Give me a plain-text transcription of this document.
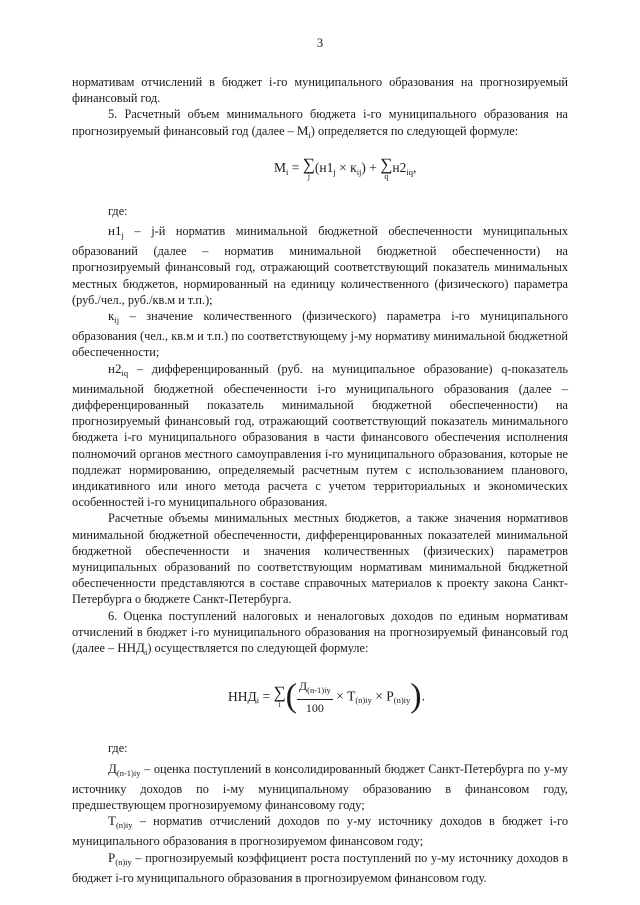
3

нормативам отчислений в бюджет i-го муниципального образования на прогнозируемый финансовый год.

5. Расчетный объем минимального бюджета i-го муниципального образования на прогнозируемый финансовый год (далее – $M_i$) определяется по следующей формуле:

$M_i$ = ∑
j
$(н1_j \times к_{ij})$ + ∑
q
$н2_{iq}$,

где:

$н1_j - j-й$ норматив минимальной бюджетной обеспеченности муниципальных образований (далее – норматив минимальной бюджетной обеспеченности) на прогнозируемый финансовый год, отражающий соответствующий показатель минимальных местных бюджетов, нормированный на единицу количественного (физического) параметра (руб./чел., руб./кв.м и т.п.);

$к_{ij}$ – значение количественного (физического) параметра i-го муниципального образования (чел., кв.м и т.п.) по соответствующему j-му нормативу минимальной бюджетной обеспеченности;

$н2_{iq}$ – дифференцированный (руб. на муниципальное образование) q-показатель минимальной бюджетной обеспеченности i-го муниципального образования (далее – дифференцированный показатель минимальной бюджетной обеспеченности) на прогнозируемый финансовый год, отражающий соответствующий показатель минимального бюджета i-го муниципального образования в части финансового обеспечения исполнения полномочий органов местного самоуправления i-го муниципального образования, которые не подлежат нормированию, определяемый расчетным путем с использованием планового, индикативного или иного метода расчета с учетом территориальных и экономических особенностей i-го муниципального образования.

Расчетные объемы минимальных местных бюджетов, а также значения нормативов минимальной бюджетной обеспеченности, дифференцированных показателей минимальной бюджетной обеспеченности и значения количественных (физических) параметров муниципальных образований по соответствующим нормативам минимальной бюджетной обеспеченности представляются в составе справочных материалов к проекту закона Санкт-Петербурга о бюджете Санкт-Петербурга.

6. Оценка поступлений налоговых и неналоговых доходов по единым нормативам отчислений в бюджет i-го муниципального образования на прогнозируемый финансовый год (далее – $ННД_i$) осуществляется по следующей формуле:

$ННД_i$ = ∑
i ( $\frac{Д_{(n-1)iy}}{100} \times Т_{(n)iy} \times P_{(n)iy}$).

где:

$Д_{(n-1)iy}$ – оценка поступлений в консолидированный бюджет Санкт-Петербурга по y-му источнику доходов по i-му муниципальному образованию в финансовом году, предшествующем прогнозируемому финансовому году;

$Т_{(n)iy}$ – норматив отчислений доходов по y-му источнику доходов в бюджет i-го муниципального образования в прогнозируемом финансовом году;

$P_{(n)iy}$ – прогнозируемый коэффициент роста поступлений по y-му источнику доходов в бюджет i-го муниципального образования в прогнозируемом финансовом году.
